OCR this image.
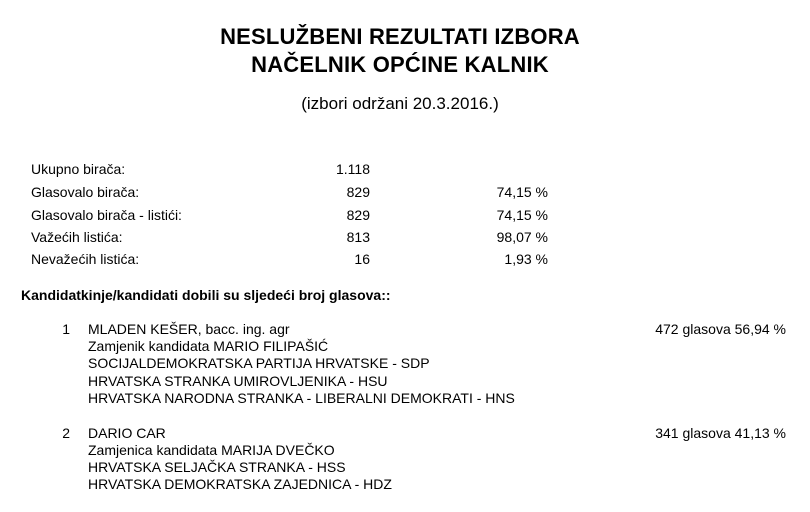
NESLUŽBENI REZULTATI IZBORA
NAČELNIK OPĆINE KALNIK
(izbori održani 20.3.2016.)
Ukupno birača:	1.118
Glasovalo birača:	829	74,15 %
Glasovalo birača - listići:	829	74,15 %
Važećih listića:	813	98,07 %
Nevažećih listića:	16	1,93 %
Kandidatkinje/kandidati dobili su sljedeći broj glasova::
1 MLADEN KEŠER, bacc. ing. agr	472 glasova 56,94 %
Zamjenik kandidata MARIO FILIPAŠIĆ
SOCIJALDEMOKRATSKA PARTIJA HRVATSKE - SDP
HRVATSKA STRANKA UMIROVLJENIKA - HSU
HRVATSKA NARODNA STRANKA - LIBERALNI DEMOKRATI - HNS
2 DARIO CAR	341 glasova 41,13 %
Zamjenica kandidata MARIJA DVEČKO
HRVATSKA SELJAČKA STRANKA - HSS
HRVATSKA DEMOKRATSKA ZAJEDNICA - HDZ
